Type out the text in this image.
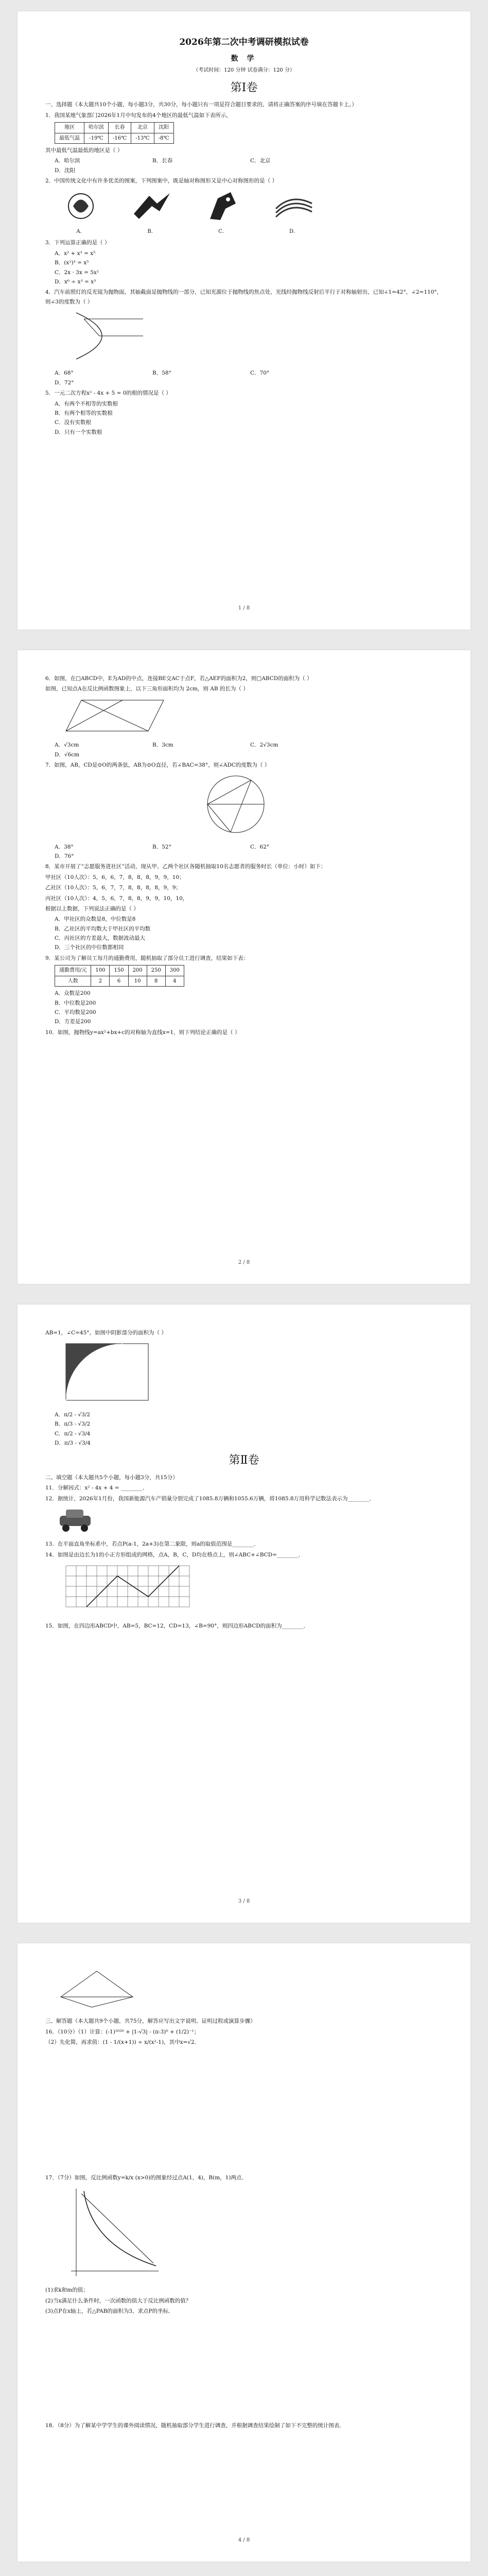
2026年第二次中考调研模拟试卷
数 学
（考试时间：120 分钟 试卷满分：120 分）
第Ⅰ卷
一、选择题（本大题共10个小题，每小题3分，共30分，每小题只有一项是符合题目要求的，请将正确答案的序号填在答题卡上。）
1．我国某地气象部门2026年1月中旬发布的4个地区的最低气温如下表所示，
地区	哈尔滨	长春	北京	沈阳
最低气温	-19℃	-16℃	-13℃	-8℃
其中最低气温最低的地区是（ ）
A．哈尔滨	B．长春	C．北京
D．沈阳
2．中国传统文化中有许多优美的图案，下列图案中，既是轴对称图形又是中心对称图形的是（ ）
A．	B．	C．	D．
3．下列运算正确的是（ ）
A．x² + x³ = x⁵
B．(x²)³ = x⁵
C．2x · 3x = 5x²
D．x⁶ ÷ x³ = x³
4．汽车前照灯的反光镜为抛物面，其轴截面是抛物线的一部分，已知光源位于抛物线的焦点处，光线经抛物线反射后平行于对称轴射出，已知∠1=42°，∠2=110°，则∠3的度数为（ ）
A．68°	B．58°	C．70°
D．72°
5．一元二次方程x² - 4x + 5 = 0的根的情况是（ ）
A．有两个不相等的实数根
B．有两个相等的实数根
C．没有实数根
D．只有一个实数根
1 / 8
6．如图，在□ABCD中，E为AD的中点，连接BE交AC于点F，若△AEF的面积为2，则□ABCD的面积为（ ）
如图，已知点A在反比例函数图象上，以下三角形面积均为 2cm，则 AB 的长为（ ）
A．√3cm	B．3cm	C．2√3cm
D．√6cm
7．如图，AB，CD是⊙O的两条弦，AB为⊙O直径，若∠BAC=38°，则∠ADC的度数为（ ）
A．38°	B．52°	C．62°
D．76°
8．某市开展了“志愿服务进社区”活动，现从甲、乙两个社区各随机抽取10名志愿者的服务时长（单位：小时）如下：
甲社区（10人次）：5，6，6，7，8，8，8，9，9，10；
乙社区（10人次）：5，6，7，7，8，8，8，8，9，9；
丙社区（10人次）：4，5，6，7，8，8，9，9，10，10，
根据以上数据，下列说法正确的是（ ）
A．甲社区的众数是8，中位数是8
B．乙社区的平均数大于甲社区的平均数
C．丙社区的方差最大，数据波动最大
D．三个社区的中位数都相同
9．某公司为了解员工每月的通勤费用，随机抽取了部分员工进行调查，结果如下表：
通勤费用/元	100	150	200	250	300
人数	2	6	10	8	4
A．众数是200
B．中位数是200
C．平均数是200
D．方差是200
10．如图，抛物线y=ax²+bx+c的对称轴为直线x=1，则下列结论正确的是（ ）
2 / 8
AB=1，∠C=45°，如图中阴影部分的面积为（ ）
A．π/2 - √3/2
B．π/3 - √3/2
C．π/2 - √3/4
D．π/3 - √3/4
第Ⅱ卷
二、填空题（本大题共5个小题，每小题3分，共15分）
11．分解因式：x² - 4x + 4 = ________．
12．据统计，2026年1月份，我国新能源汽车产销量分别完成了1085.8万辆和1055.6万辆，将1085.8万用科学记数法表示为________．
13．在平面直角坐标系中，若点P(a-1，2a+3)在第二象限，则a的取值范围是________．
14．如图是由边长为1的小正方形组成的网格，点A，B，C，D均在格点上，则∠ABC+∠BCD=________．
15．如图，在四边形ABCD中，AB=5，BC=12，CD=13，∠B=90°，则四边形ABCD的面积为________．
3 / 8
三、解答题（本大题共9个小题，共75分，解答应写出文字说明、证明过程或演算步骤）
16．（10分）（1）计算：(-1)²⁰²⁶ + |1-√3| - (π-3)⁰ + (1/2)⁻¹；
（2）先化简，再求值：(1 - 1/(x+1)) ÷ x/(x²-1)，其中x=√2．
17．（7分）如图，反比例函数y=k/x (x>0)的图象经过点A(1，4)，B(m，1)两点．
(1)求k和m的值；
(2)当x满足什么条件时，一次函数的值大于反比例函数的值？
(3)点P在x轴上，若△PAB的面积为3，求点P的坐标．
18．（8分）为了解某中学学生的课外阅读情况，随机抽取部分学生进行调查，并根据调查结果绘制了如下不完整的统计图表．
4 / 8
